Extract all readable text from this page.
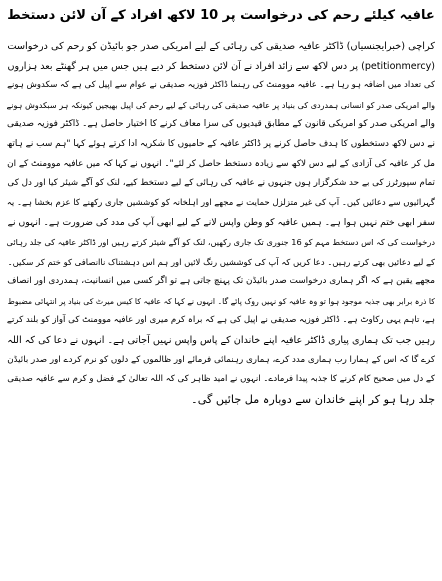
عافیہ کیلئے رحم کی درخواست پر 10 لاکھ افراد کے آن لائن دستخط
کراچی (خبرایجنسیاں) ڈاکٹر عافیہ صدیقی کی رہائی کے لیے امریکی صدر جو بائیڈن کو رحم کی درخواست
(petitionmercy) پر دس لاکھ سے زائد افراد نے آن لائن دستخط کر دیے ہیں جس میں ہر گھنٹے بعد ہزاروں
کی تعداد میں اضافہ ہو رہا ہے۔ عافیہ موومنٹ کی رہنما ڈاکٹر فوزیہ صدیقی نے عوام سے اپیل کی ہے کہ سکدوش ہونے
والے امریکی صدر کو انسانی ہمدردی کی بنیاد پر عافیہ صدیقی کی رہائی کے لیے رحم کی اپیل بھیجیں کیونکہ ہر سبکدوش ہونے
والے امریکی صدر کو امریکی قانون کے مطابق قیدیوں کی سزا معاف کرنے کا اختیار حاصل ہے۔ ڈاکٹر فوزیہ صدیقی
نے دس لاکھ دستخطوں کا ہدف حاصل کرنے پر ڈاکٹر عافیہ کے حامیوں کا شکریہ ادا کرتے ہوئے کہا "ہم سب نے ہاتھ
مل کر عافیہ کی آزادی کے لیے دس لاکھ سے زیادہ دستخط حاصل کر لئے"۔ انہوں نے کہا کہ میں عافیہ موومنٹ کے ان
تمام سپورٹرز کی بے حد شکرگزار ہوں جنہوں نے عافیہ کی رہائی کے لیے دستخط کیے، لنک کو آگے شیئر کیا اور دل کی
گہرائیوں سے دعائیں کیں۔ آپ کی غیر متزلزل حمایت نے مجھے اور اہلخانہ کو کوششیں جاری رکھنے کا عزم بخشا ہے۔ یہ
سفر ابھی ختم نہیں ہوا ہے۔ ہمیں عافیہ کو وطن واپس لانے کے لیے ابھی آپ کی مدد کی ضرورت ہے۔ انہوں نے
درخواست کی کہ اس دستخط مہم کو 16 جنوری تک جاری رکھیں، لنک کو آگے شیئر کرتے رہیں اور ڈاکٹر عافیہ کی جلد رہائی
کے لیے دعائیں بھی کرتے رہیں۔ دعا کریں کہ آپ کی کوششیں رنگ لائیں اور ہم اس دہشتناک ناانصافی کو ختم کر سکیں۔
مجھے یقین ہے کہ اگر ہماری درخواست صدر بائیڈن تک پہنچ جاتی ہے تو اگر کسی میں انسانیت، ہمدردی اور انصاف
کا ذرہ برابر بھی جذبہ موجود ہوا تو وہ عافیہ کو نہیں روک پائے گا۔ انہوں نے کہا کہ عافیہ کا کیس میرٹ کی بنیاد پر انتہائی مضبوط
ہے، تاہم یہی رکاوٹ ہے۔ ڈاکٹر فوزیہ صدیقی نے اپیل کی ہے کہ براہ کرم میری اور عافیہ موومنٹ کی آواز کو بلند کرتے
رہیں جب تک ہماری پیاری ڈاکٹر عافیہ اپنے خاندان کے پاس واپس نہیں آجاتی ہے۔ انہوں نے دعا کی کہ اللہ
کرے گا کہ اس کے ہمارا رب ہماری مدد کرے، ہماری رہنمائی فرمائے اور ظالموں کے دلوں کو نرم کردے اور صدر بائیڈن
کے دل میں صحیح کام کرنے کا جذبہ پیدا فرمادے۔ انہوں نے امید ظاہر کی کہ اللہ تعالیٰ کے فضل و کرم سے عافیہ صدیقی
جلد رہا ہو کر اپنے خاندان سے دوبارہ مل جائیں گی۔
